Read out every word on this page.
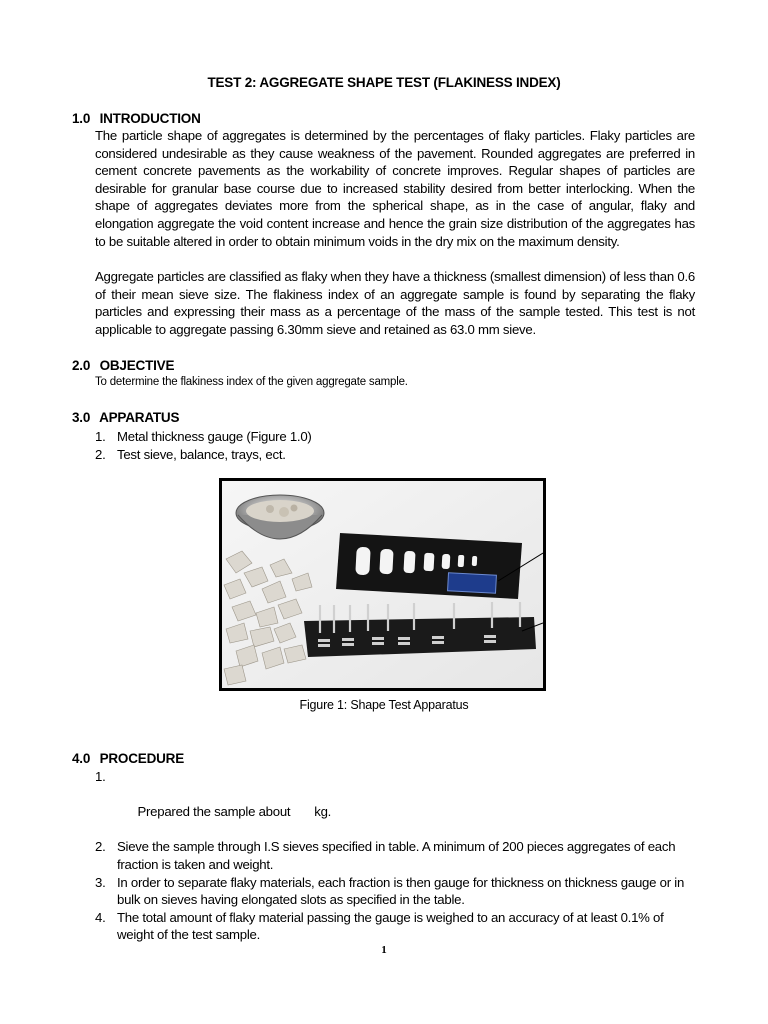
TEST 2: AGGREGATE SHAPE TEST (FLAKINESS INDEX)
1.0 INTRODUCTION
The particle shape of aggregates is determined by the percentages of flaky particles. Flaky particles are considered undesirable as they cause weakness of the pavement. Rounded aggregates are preferred in cement concrete pavements as the workability of concrete improves. Regular shapes of particles are desirable for granular base course due to increased stability desired from better interlocking. When the shape of aggregates deviates more from the spherical shape, as in the case of angular, flaky and elongation aggregate the void content increase and hence the grain size distribution of the aggregates has to be suitable altered in order to obtain minimum voids in the dry mix on the maximum density.
Aggregate particles are classified as flaky when they have a thickness (smallest dimension) of less than 0.6 of their mean sieve size. The flakiness index of an aggregate sample is found by separating the flaky particles and expressing their mass as a percentage of the mass of the sample tested. This test is not applicable to aggregate passing 6.30mm sieve and retained as 63.0 mm sieve.
2.0 OBJECTIVE
To determine the flakiness index of the given aggregate sample.
3.0 APPARATUS
1. Metal thickness gauge (Figure 1.0)
2. Test sieve, balance, trays, ect.
Figure 1: Shape Test Apparatus
4.0 PROCEDURE

1.

Prepared the sample about       kg.

2. Sieve the sample through I.S sieves specified in table. A minimum of 200 pieces aggregates of each fraction is taken and weight.
3. In order to separate flaky materials, each fraction is then gauge for thickness on thickness gauge or in bulk on sieves having elongated slots as specified in the table.
4. The total amount of flaky material passing the gauge is weighed to an accuracy of at least 0.1% of weight of the test sample.
1
